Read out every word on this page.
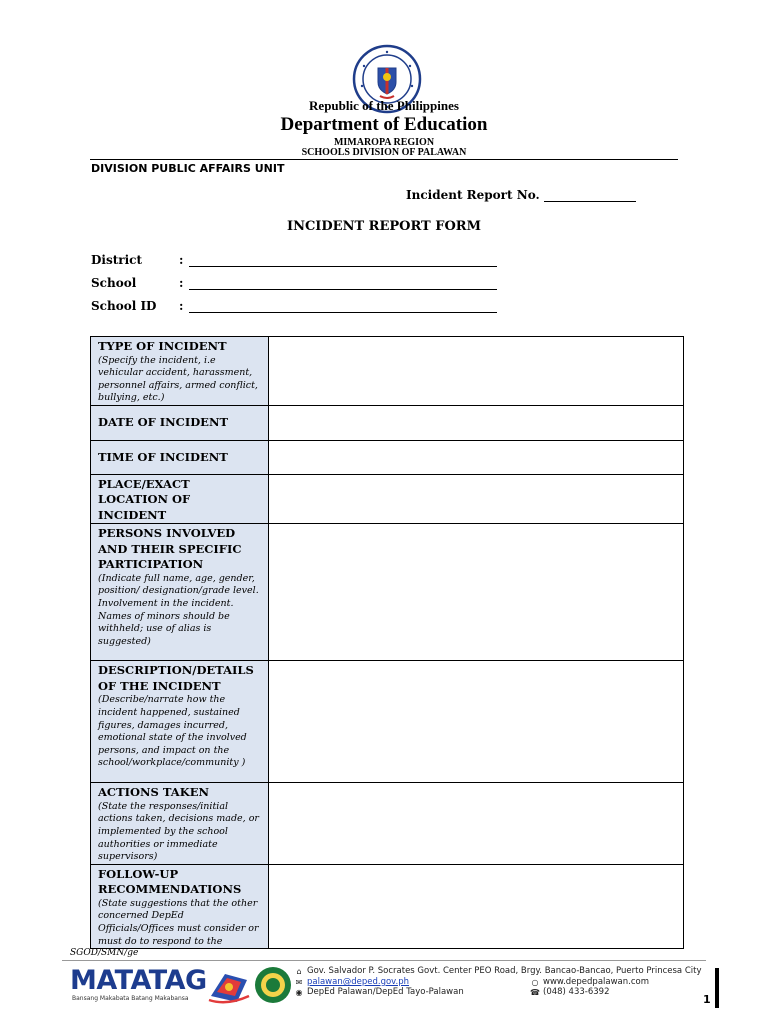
Republic of the Philippines
Department of Education
MIMAROPA REGION
SCHOOLS DIVISION OF PALAWAN
DIVISION PUBLIC AFFAIRS UNIT
Incident Report No.
INCIDENT REPORT FORM
District	:
School	:
School ID	:
TYPE OF INCIDENT
(Specify the incident, i.e vehicular accident, harassment, personnel affairs, armed conflict, bullying, etc.)	

DATE OF INCIDENT	

TIME OF INCIDENT	

PLACE/EXACT LOCATION OF INCIDENT	

PERSONS INVOLVED AND THEIR SPECIFIC PARTICIPATION
(Indicate full name, age, gender, position/ designation/grade level. Involvement in the incident. Names of minors should be withheld; use of alias is suggested)	

DESCRIPTION/DETAILS OF THE INCIDENT
(Describe/narrate how the incident happened, sustained figures, damages incurred, emotional state of the involved persons, and impact on the school/workplace/community )	

ACTIONS TAKEN
(State the responses/initial actions taken, decisions made, or implemented by the school authorities or immediate supervisors)	

FOLLOW-UP RECOMMENDATIONS
(State suggestions that the other concerned DepEd Officials/Offices must consider or must do to respond to the	

SGOD/SMN/ge
MATATAG
Bansang Makabata Batang Makabansa
⌂ Gov. Salvador P. Socrates Govt. Center PEO Road, Brgy. Bancao-Bancao, Puerto Princesa City
✉ palawan@deped.gov.ph	○ www.depedpalawan.com
◉ DepEd Palawan/DepEd Tayo-Palawan	☎ (048) 433-6392
1
